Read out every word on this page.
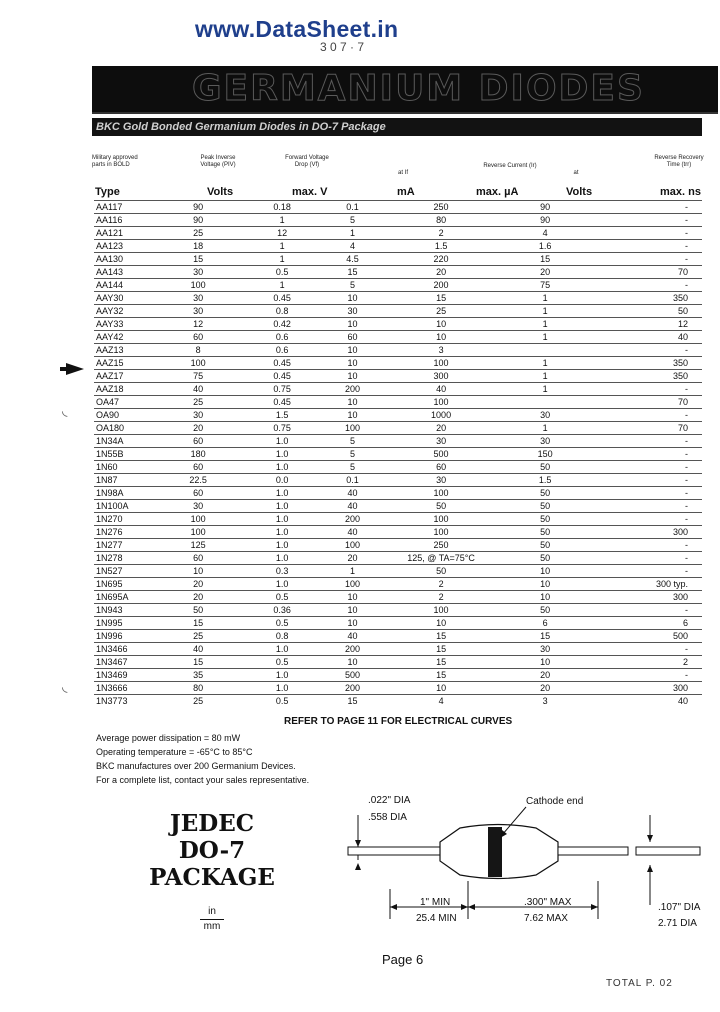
www.DataSheet.in
3 0 7 · 7
GERMANIUM DIODES
BKC Gold Bonded Germanium Diodes in DO-7 Package
Military approved parts in BOLD
Peak Inverse Voltage (PIV)
Forward Voltage Drop (Vf)
at If
Reverse Current (Ir)
at
Reverse Recovery Time (trr)
Type	Volts	max. V	mA	max. µA	Volts	max. ns
AA117	90	0.18	0.1	250	90	-
AA116	90	1	5	80	90	-
AA121	25	12	1	2	4	-
AA123	18	1	4	1.5	1.6	-
AA130	15	1	4.5	220	15	-
AA143	30	0.5	15	20	20	70
AA144	100	1	5	200	75	-
AAY30	30	0.45	10	15	1	350
AAY32	30	0.8	30	25	1	50
AAY33	12	0.42	10	10	1	12
AAY42	60	0.6	60	10	1	40
AAZ13	8	0.6	10	3		-
AAZ15	100	0.45	10	100	1	350
AAZ17	75	0.45	10	300	1	350
AAZ18	40	0.75	200	40	1	-
OA47	25	0.45	10	100		70
OA90	30	1.5	10	1000	30	-
OA180	20	0.75	100	20	1	70
1N34A	60	1.0	5	30	30	-
1N55B	180	1.0	5	500	150	-
1N60	60	1.0	5	60	50	-
1N87	22.5	0.0	0.1	30	1.5	-
1N98A	60	1.0	40	100	50	-
1N100A	30	1.0	40	50	50	-
1N270	100	1.0	200	100	50	-
1N276	100	1.0	40	100	50	300
1N277	125	1.0	100	250	50	-
1N278	60	1.0	20	125, @ TA=75°C	50	-
1N527	10	0.3	1	50	10	-
1N695	20	1.0	100	2	10	300 typ.
1N695A	20	0.5	10	2	10	300
1N943	50	0.36	10	100	50	-
1N995	15	0.5	10	10	6	6
1N996	25	0.8	40	15	15	500
1N3466	40	1.0	200	15	30	-
1N3467	15	0.5	10	15	10	2
1N3469	35	1.0	500	15	20	-
1N3666	80	1.0	200	10	20	300
1N3773	25	0.5	15	4	3	40
◟
◟
REFER TO PAGE 11 FOR ELECTRICAL CURVES
Average power dissipation = 80 mW
Operating temperature = -65°C to 85°C
BKC manufactures over 200 Germanium Devices.
For a complete list, contact your sales representative.
JEDEC
DO-7
PACKAGE
in
mm
.022" DIA
.558 DIA
Cathode end
1" MIN
25.4 MIN
.300" MAX
7.62 MAX
.107" DIA
2.71 DIA
Page 6
TOTAL P. 02
